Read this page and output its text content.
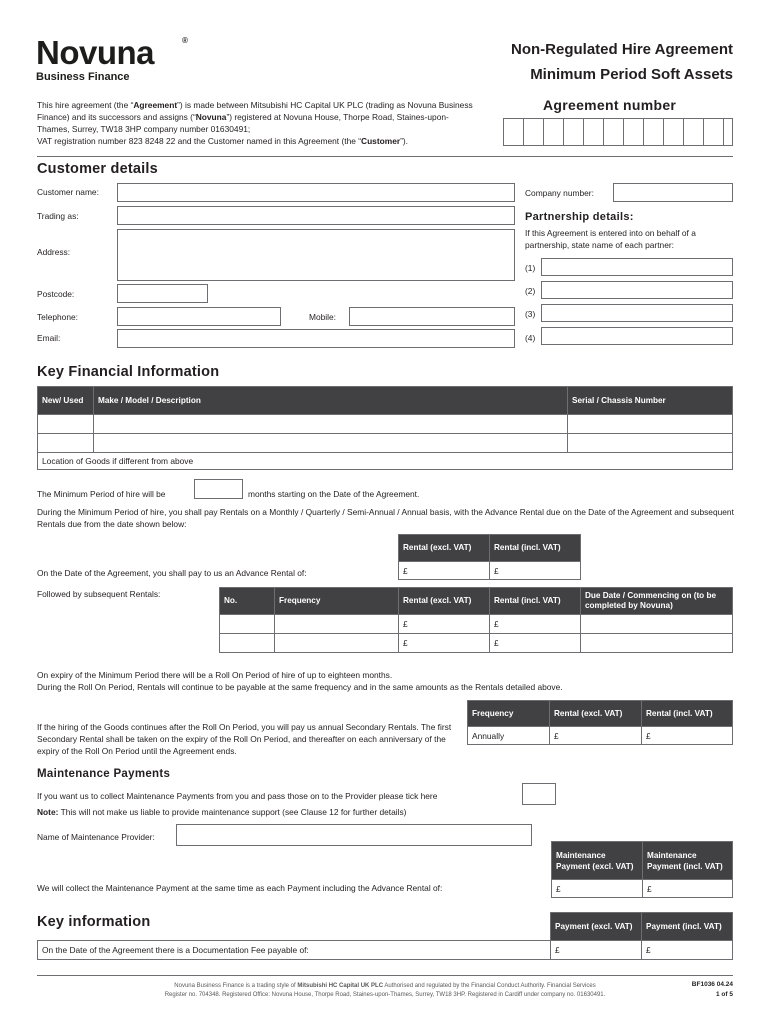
Novuna	®
Business Finance
Non-Regulated Hire Agreement
Minimum Period Soft Assets
This hire agreement (the “Agreement”) is made between Mitsubishi HC Capital UK PLC (trading as Novuna Business Finance) and its successors and assigns (“Novuna”) registered at Novuna House, Thorpe Road, Staines-upon-Thames, Surrey, TW18 3HP company number 01630491;
VAT registration number 823 8248 22 and the Customer named in this Agreement (the “Customer”).
Agreement number
Customer details
Customer name:
Trading as:
Address:
Postcode:
Telephone:	Mobile:
Email:
Company number:
Partnership details:
If this Agreement is entered into on behalf of a partnership, state name of each partner:
(1)
(2)
(3)
(4)
Key Financial Information
New/ Used	Make / Model / Description	Serial / Chassis Number

Location of Goods if different from above		
The Minimum Period of hire will be	months starting on the Date of the Agreement.
During the Minimum Period of hire, you shall pay Rentals on a Monthly / Quarterly / Semi-Annual / Annual basis, with the Advance Rental due on the Date of the Agreement and subsequent Rentals due from the date shown below:
Rental (excl. VAT)	Rental (incl. VAT)
£	£
On the Date of the Agreement, you shall pay to us an Advance Rental of:
Followed by subsequent Rentals:
No.	Frequency	Rental (excl. VAT)	Rental (incl. VAT)	Due Date / Commencing on (to be completed by Novuna)
		£	£	
		£	£	
On expiry of the Minimum Period there will be a Roll On Period of hire of up to eighteen months.
During the Roll On Period, Rentals will continue to be payable at the same frequency and in the same amounts as the Rentals detailed above.
If the hiring of the Goods continues after the Roll On Period, you will pay us annual Secondary Rentals. The first Secondary Rental shall be taken on the expiry of the Roll On Period, and thereafter on each anniversary of the expiry of the Roll On Period until the Agreement ends.
Frequency	Rental (excl. VAT)	Rental (incl. VAT)
Annually	£	£
Maintenance Payments
If you want us to collect Maintenance Payments from you and pass those on to the Provider please tick here
Note: This will not make us liable to provide maintenance support (see Clause 12 for further details)
Name of Maintenance Provider:
Maintenance Payment (excl. VAT)	Maintenance Payment (incl. VAT)
£	£
We will collect the Maintenance Payment at the same time as each Payment including the Advance Rental of:
Key information
		Payment (excl. VAT)	Payment (incl. VAT)
On the Date of the Agreement there is a Documentation Fee payable of:	£	£
Novuna Business Finance is a trading style of Mitsubishi HC Capital UK PLC Authorised and regulated by the Financial Conduct Authority. Financial Services
Register no. 704348. Registered Office: Novuna House, Thorpe Road, Staines-upon-Thames, Surrey, TW18 3HP. Registered in Cardiff under company no. 01630491.
BF1036 04.24
1 of 5
